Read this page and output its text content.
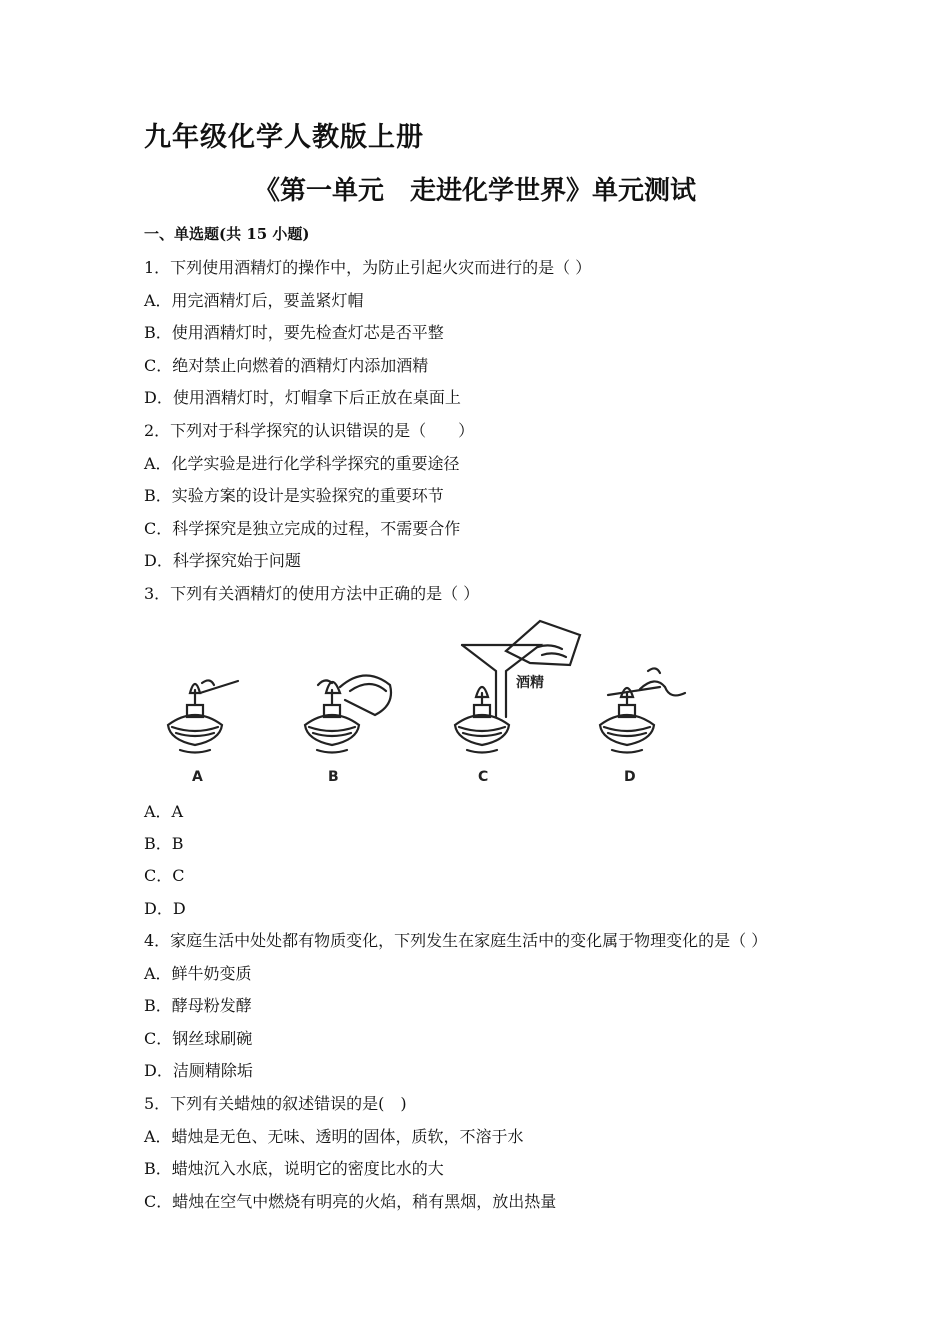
九年级化学人教版上册
《第一单元　走进化学世界》单元测试
一、单选题(共 15 小题)
1．下列使用酒精灯的操作中，为防止引起火灾而进行的是（ ）
A．用完酒精灯后，要盖紧灯帽
B．使用酒精灯时，要先检查灯芯是否平整
C．绝对禁止向燃着的酒精灯内添加酒精
D．使用酒精灯时，灯帽拿下后正放在桌面上
2．下列对于科学探究的认识错误的是（　　）
A．化学实验是进行化学科学探究的重要途径
B．实验方案的设计是实验探究的重要环节
C．科学探究是独立完成的过程，不需要合作
D．科学探究始于问题
3．下列有关酒精灯的使用方法中正确的是（ ）
A	B	C	D
酒精
A．A
B．B
C．C
D．D
4．家庭生活中处处都有物质变化，下列发生在家庭生活中的变化属于物理变化的是（ ）
A．鲜牛奶变质
B．酵母粉发酵
C．钢丝球刷碗
D．洁厕精除垢
5．下列有关蜡烛的叙述错误的是(　)
A．蜡烛是无色、无味、透明的固体，质软，不溶于水
B．蜡烛沉入水底，说明它的密度比水的大
C．蜡烛在空气中燃烧有明亮的火焰，稍有黑烟，放出热量
